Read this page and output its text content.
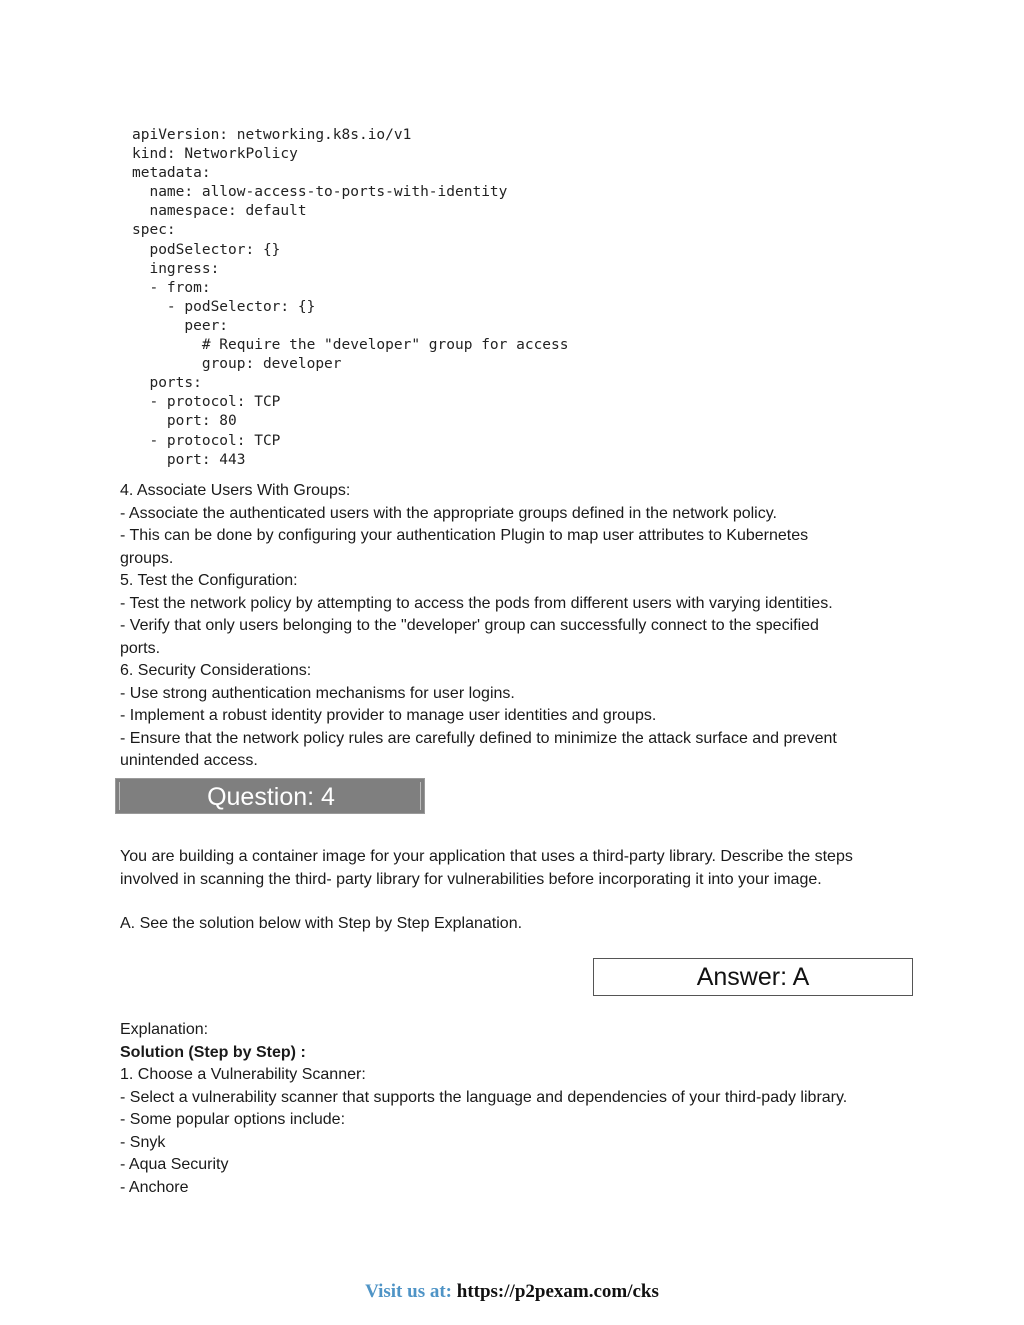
apiVersion: networking.k8s.io/v1
kind: NetworkPolicy
metadata:
name: allow-access-to-ports-with-identity
namespace: default
spec:
podSelector: {}
ingress:
- from:
- podSelector: {}
peer:
# Require the "developer" group for access
group: developer
ports:
- protocol: TCP
port: 80
- protocol: TCP
port: 443
4. Associate Users With Groups:
- Associate the authenticated users with the appropriate groups defined in the network policy.
- This can be done by configuring your authentication Plugin to map user attributes to Kubernetes
groups.
5. Test the Configuration:
- Test the network policy by attempting to access the pods from different users with varying identities.
- Verify that only users belonging to the "developer' group can successfully connect to the specified
ports.
6. Security Considerations:
- Use strong authentication mechanisms for user logins.
- Implement a robust identity provider to manage user identities and groups.
- Ensure that the network policy rules are carefully defined to minimize the attack surface and prevent
unintended access.
Question: 4
You are building a container image for your application that uses a third-party library. Describe the steps
involved in scanning the third- party library for vulnerabilities before incorporating it into your image.
A. See the solution below with Step by Step Explanation.
Answer: A
Explanation:
Solution (Step by Step) :
1. Choose a Vulnerability Scanner:
- Select a vulnerability scanner that supports the language and dependencies of your third-pady library.
- Some popular options include:
- Snyk
- Aqua Security
- Anchore
Visit us at: https://p2pexam.com/cks
